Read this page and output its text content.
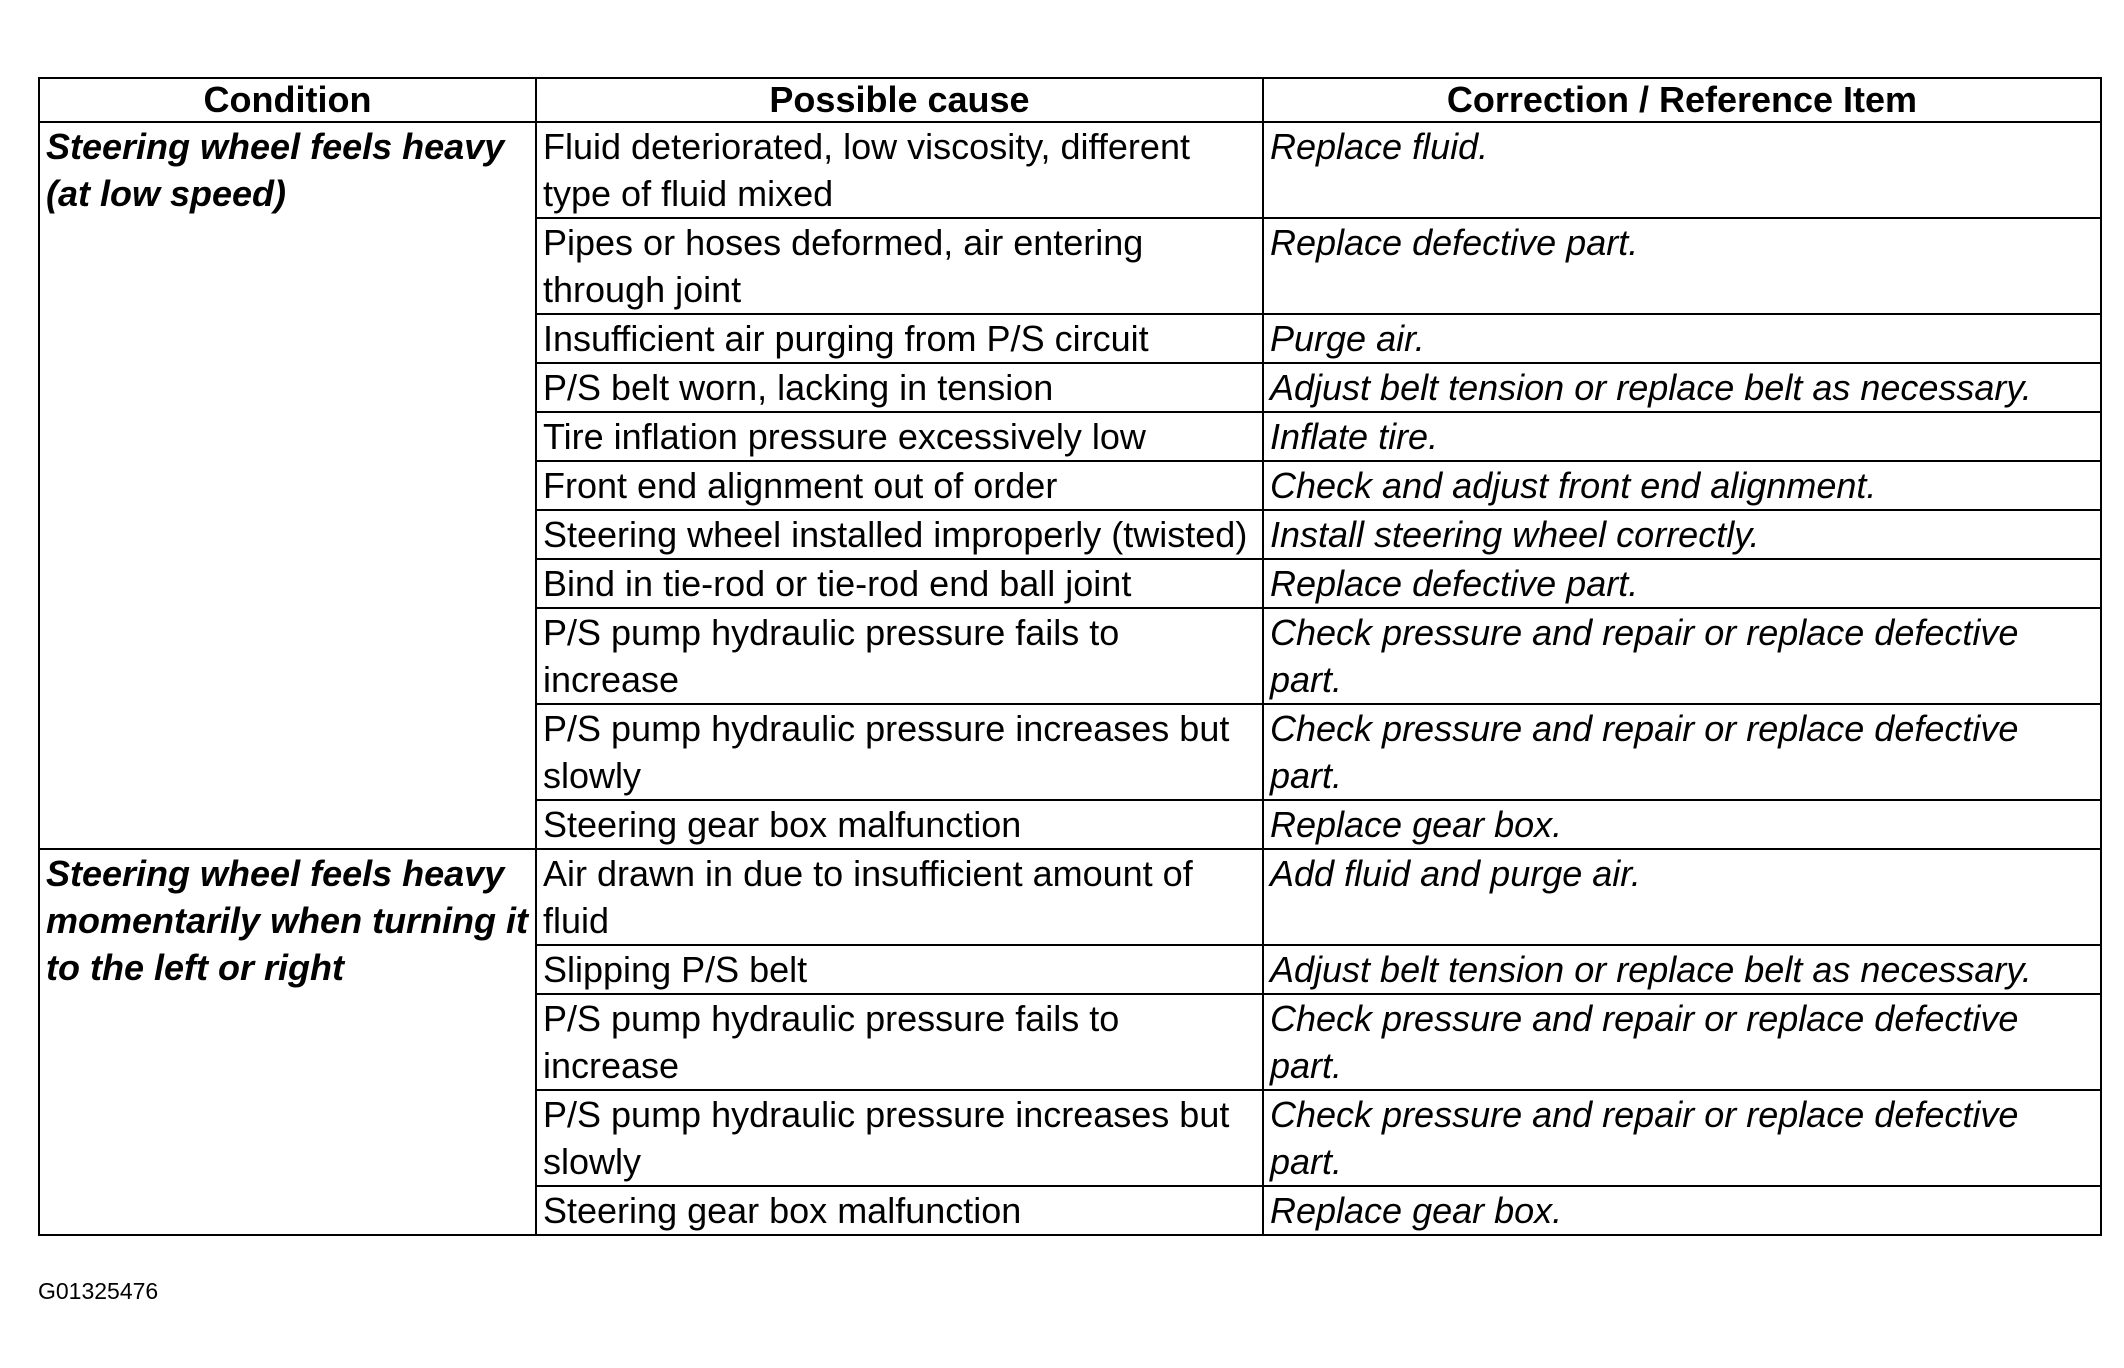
Condition	Possible cause	Correction / Reference Item
Steering wheel feels heavy (at low speed)	Fluid deteriorated, low viscosity, different type of fluid mixed	Replace fluid.
	Pipes or hoses deformed, air entering through joint	Replace defective part.
	Insufficient air purging from P/S circuit	Purge air.
	P/S belt worn, lacking in tension	Adjust belt tension or replace belt as necessary.
	Tire inflation pressure excessively low	Inflate tire.
	Front end alignment out of order	Check and adjust front end alignment.
	Steering wheel installed improperly (twisted)	Install steering wheel correctly.
	Bind in tie-rod or tie-rod end ball joint	Replace defective part.
	P/S pump hydraulic pressure fails to increase	Check pressure and repair or replace defective part.
	P/S pump hydraulic pressure increases but slowly	Check pressure and repair or replace defective part.
	Steering gear box malfunction	Replace gear box.
Steering wheel feels heavy momentarily when turning it to the left or right	Air drawn in due to insufficient amount of fluid	Add fluid and purge air.
	Slipping P/S belt	Adjust belt tension or replace belt as necessary.
	P/S pump hydraulic pressure fails to increase	Check pressure and repair or replace defective part.
	P/S pump hydraulic pressure increases but slowly	Check pressure and repair or replace defective part.
	Steering gear box malfunction	Replace gear box.
G01325476
